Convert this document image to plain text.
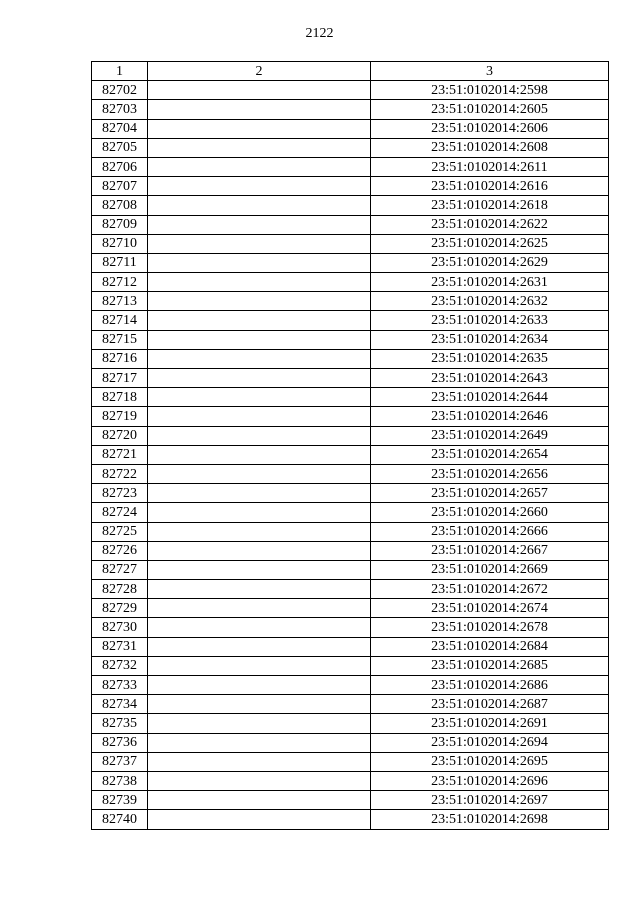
2122
1	2	3
82702		23:51:0102014:2598
82703		23:51:0102014:2605
82704		23:51:0102014:2606
82705		23:51:0102014:2608
82706		23:51:0102014:2611
82707		23:51:0102014:2616
82708		23:51:0102014:2618
82709		23:51:0102014:2622
82710		23:51:0102014:2625
82711		23:51:0102014:2629
82712		23:51:0102014:2631
82713		23:51:0102014:2632
82714		23:51:0102014:2633
82715		23:51:0102014:2634
82716		23:51:0102014:2635
82717		23:51:0102014:2643
82718		23:51:0102014:2644
82719		23:51:0102014:2646
82720		23:51:0102014:2649
82721		23:51:0102014:2654
82722		23:51:0102014:2656
82723		23:51:0102014:2657
82724		23:51:0102014:2660
82725		23:51:0102014:2666
82726		23:51:0102014:2667
82727		23:51:0102014:2669
82728		23:51:0102014:2672
82729		23:51:0102014:2674
82730		23:51:0102014:2678
82731		23:51:0102014:2684
82732		23:51:0102014:2685
82733		23:51:0102014:2686
82734		23:51:0102014:2687
82735		23:51:0102014:2691
82736		23:51:0102014:2694
82737		23:51:0102014:2695
82738		23:51:0102014:2696
82739		23:51:0102014:2697
82740		23:51:0102014:2698
